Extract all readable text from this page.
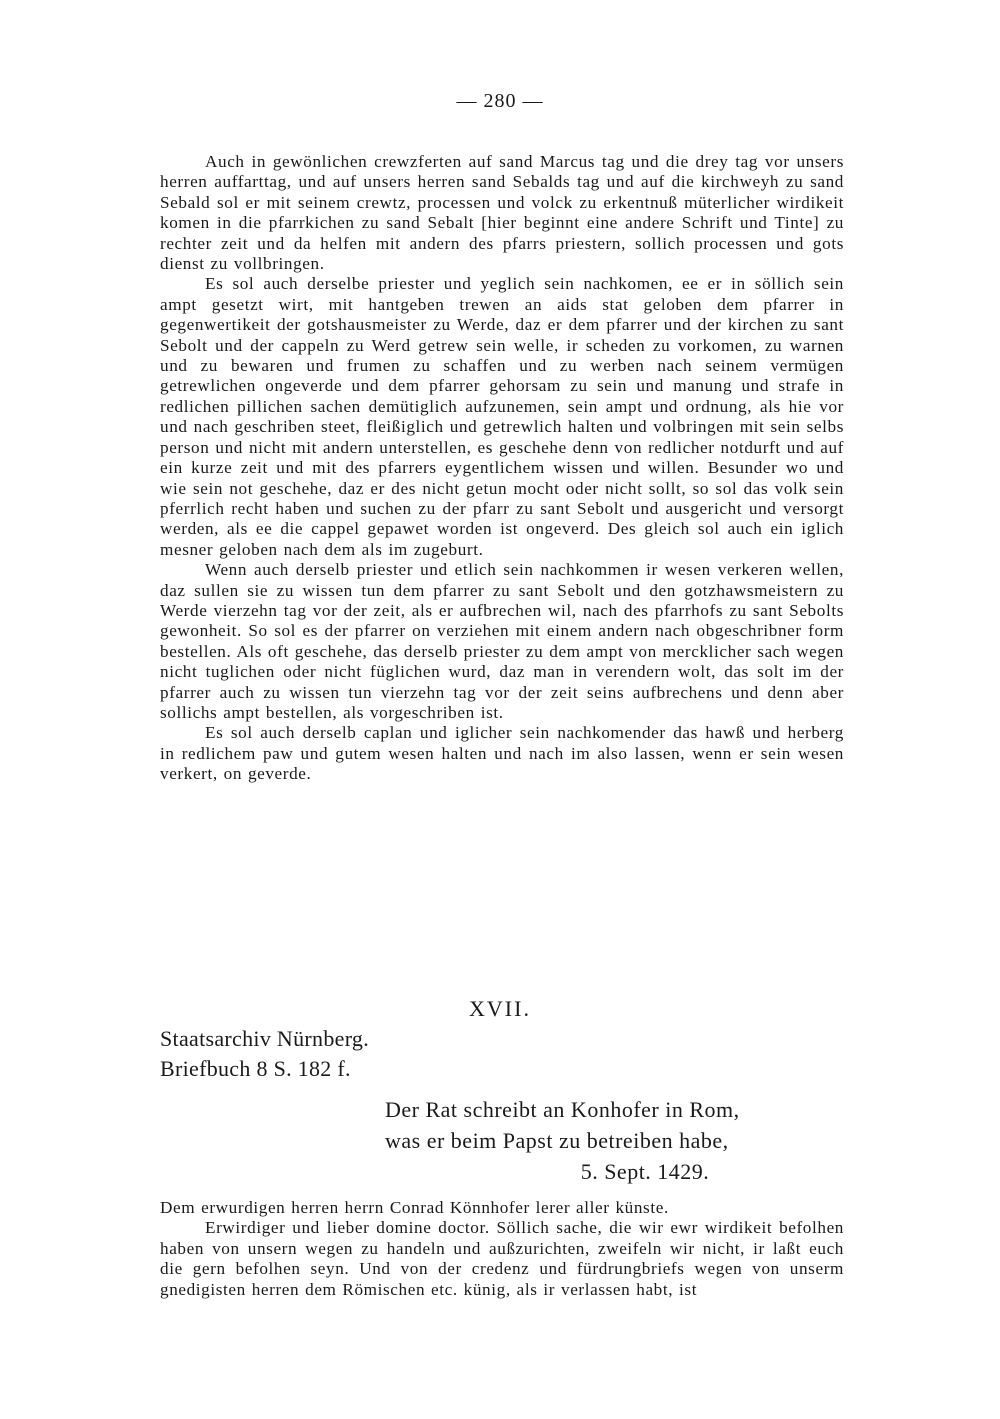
— 280 —

Auch in gewönlichen crewzferten auf sand Marcus tag und die drey tag vor unsers herren auffarttag, und auf unsers herren sand Sebalds tag und auf die kirchweyh zu sand Sebald sol er mit seinem crewtz, processen und volck zu erkentnuß müterlicher wirdikeit komen in die pfarrkichen zu sand Sebalt [hier beginnt eine andere Schrift und Tinte] zu rechter zeit und da helfen mit andern des pfarrs priestern, sollich processen und gots dienst zu vollbringen.

Es sol auch derselbe priester und yeglich sein nachkomen, ee er in söllich sein ampt gesetzt wirt, mit hantgeben trewen an aids stat geloben dem pfarrer in gegenwertikeit der gotshausmeister zu Werde, daz er dem pfarrer und der kirchen zu sant Sebolt und der cappeln zu Werd getrew sein welle, ir scheden zu vorkomen, zu warnen und zu bewaren und frumen zu schaffen und zu werben nach seinem vermügen getrewlichen ongeverde und dem pfarrer gehorsam zu sein und manung und strafe in redlichen pillichen sachen demütiglich aufzunemen, sein ampt und ordnung, als hie vor und nach geschriben steet, fleißiglich und getrewlich halten und volbringen mit sein selbs person und nicht mit andern unterstellen, es geschehe denn von redlicher notdurft und auf ein kurze zeit und mit des pfarrers eygentlichem wissen und willen. Besunder wo und wie sein not geschehe, daz er des nicht getun mocht oder nicht sollt, so sol das volk sein pferrlich recht haben und suchen zu der pfarr zu sant Sebolt und ausgericht und versorgt werden, als ee die cappel gepawet worden ist ongeverd. Des gleich sol auch ein iglich mesner geloben nach dem als im zugeburt.

Wenn auch derselb priester und etlich sein nachkommen ir wesen verkeren wellen, daz sullen sie zu wissen tun dem pfarrer zu sant Sebolt und den gotzhawsmeistern zu Werde vierzehn tag vor der zeit, als er aufbrechen wil, nach des pfarrhofs zu sant Sebolts gewonheit. So sol es der pfarrer on verziehen mit einem andern nach obgeschribner form bestellen. Als oft geschehe, das derselb priester zu dem ampt von mercklicher sach wegen nicht tuglichen oder nicht füglichen wurd, daz man in verendern wolt, das solt im der pfarrer auch zu wissen tun vierzehn tag vor der zeit seins aufbrechens und denn aber sollichs ampt bestellen, als vorgeschriben ist.

Es sol auch derselb caplan und iglicher sein nachkomender das hawß und herberg in redlichem paw und gutem wesen halten und nach im also lassen, wenn er sein wesen verkert, on geverde.

XVII.
Staatsarchiv Nürnberg.
Briefbuch 8 S. 182 f.
Der Rat schreibt an Konhofer in Rom,
was er beim Papst zu betreiben habe,
5. Sept. 1429.

Dem erwurdigen herren herrn Conrad Könnhofer lerer aller künste.

Erwirdiger und lieber domine doctor. Söllich sache, die wir ewr wirdikeit befolhen haben von unsern wegen zu handeln und außzurichten, zweifeln wir nicht, ir laßt euch die gern befolhen seyn. Und von der credenz und fürdrungbriefs wegen von unserm gnedigisten herren dem Römischen etc. künig, als ir verlassen habt, ist
